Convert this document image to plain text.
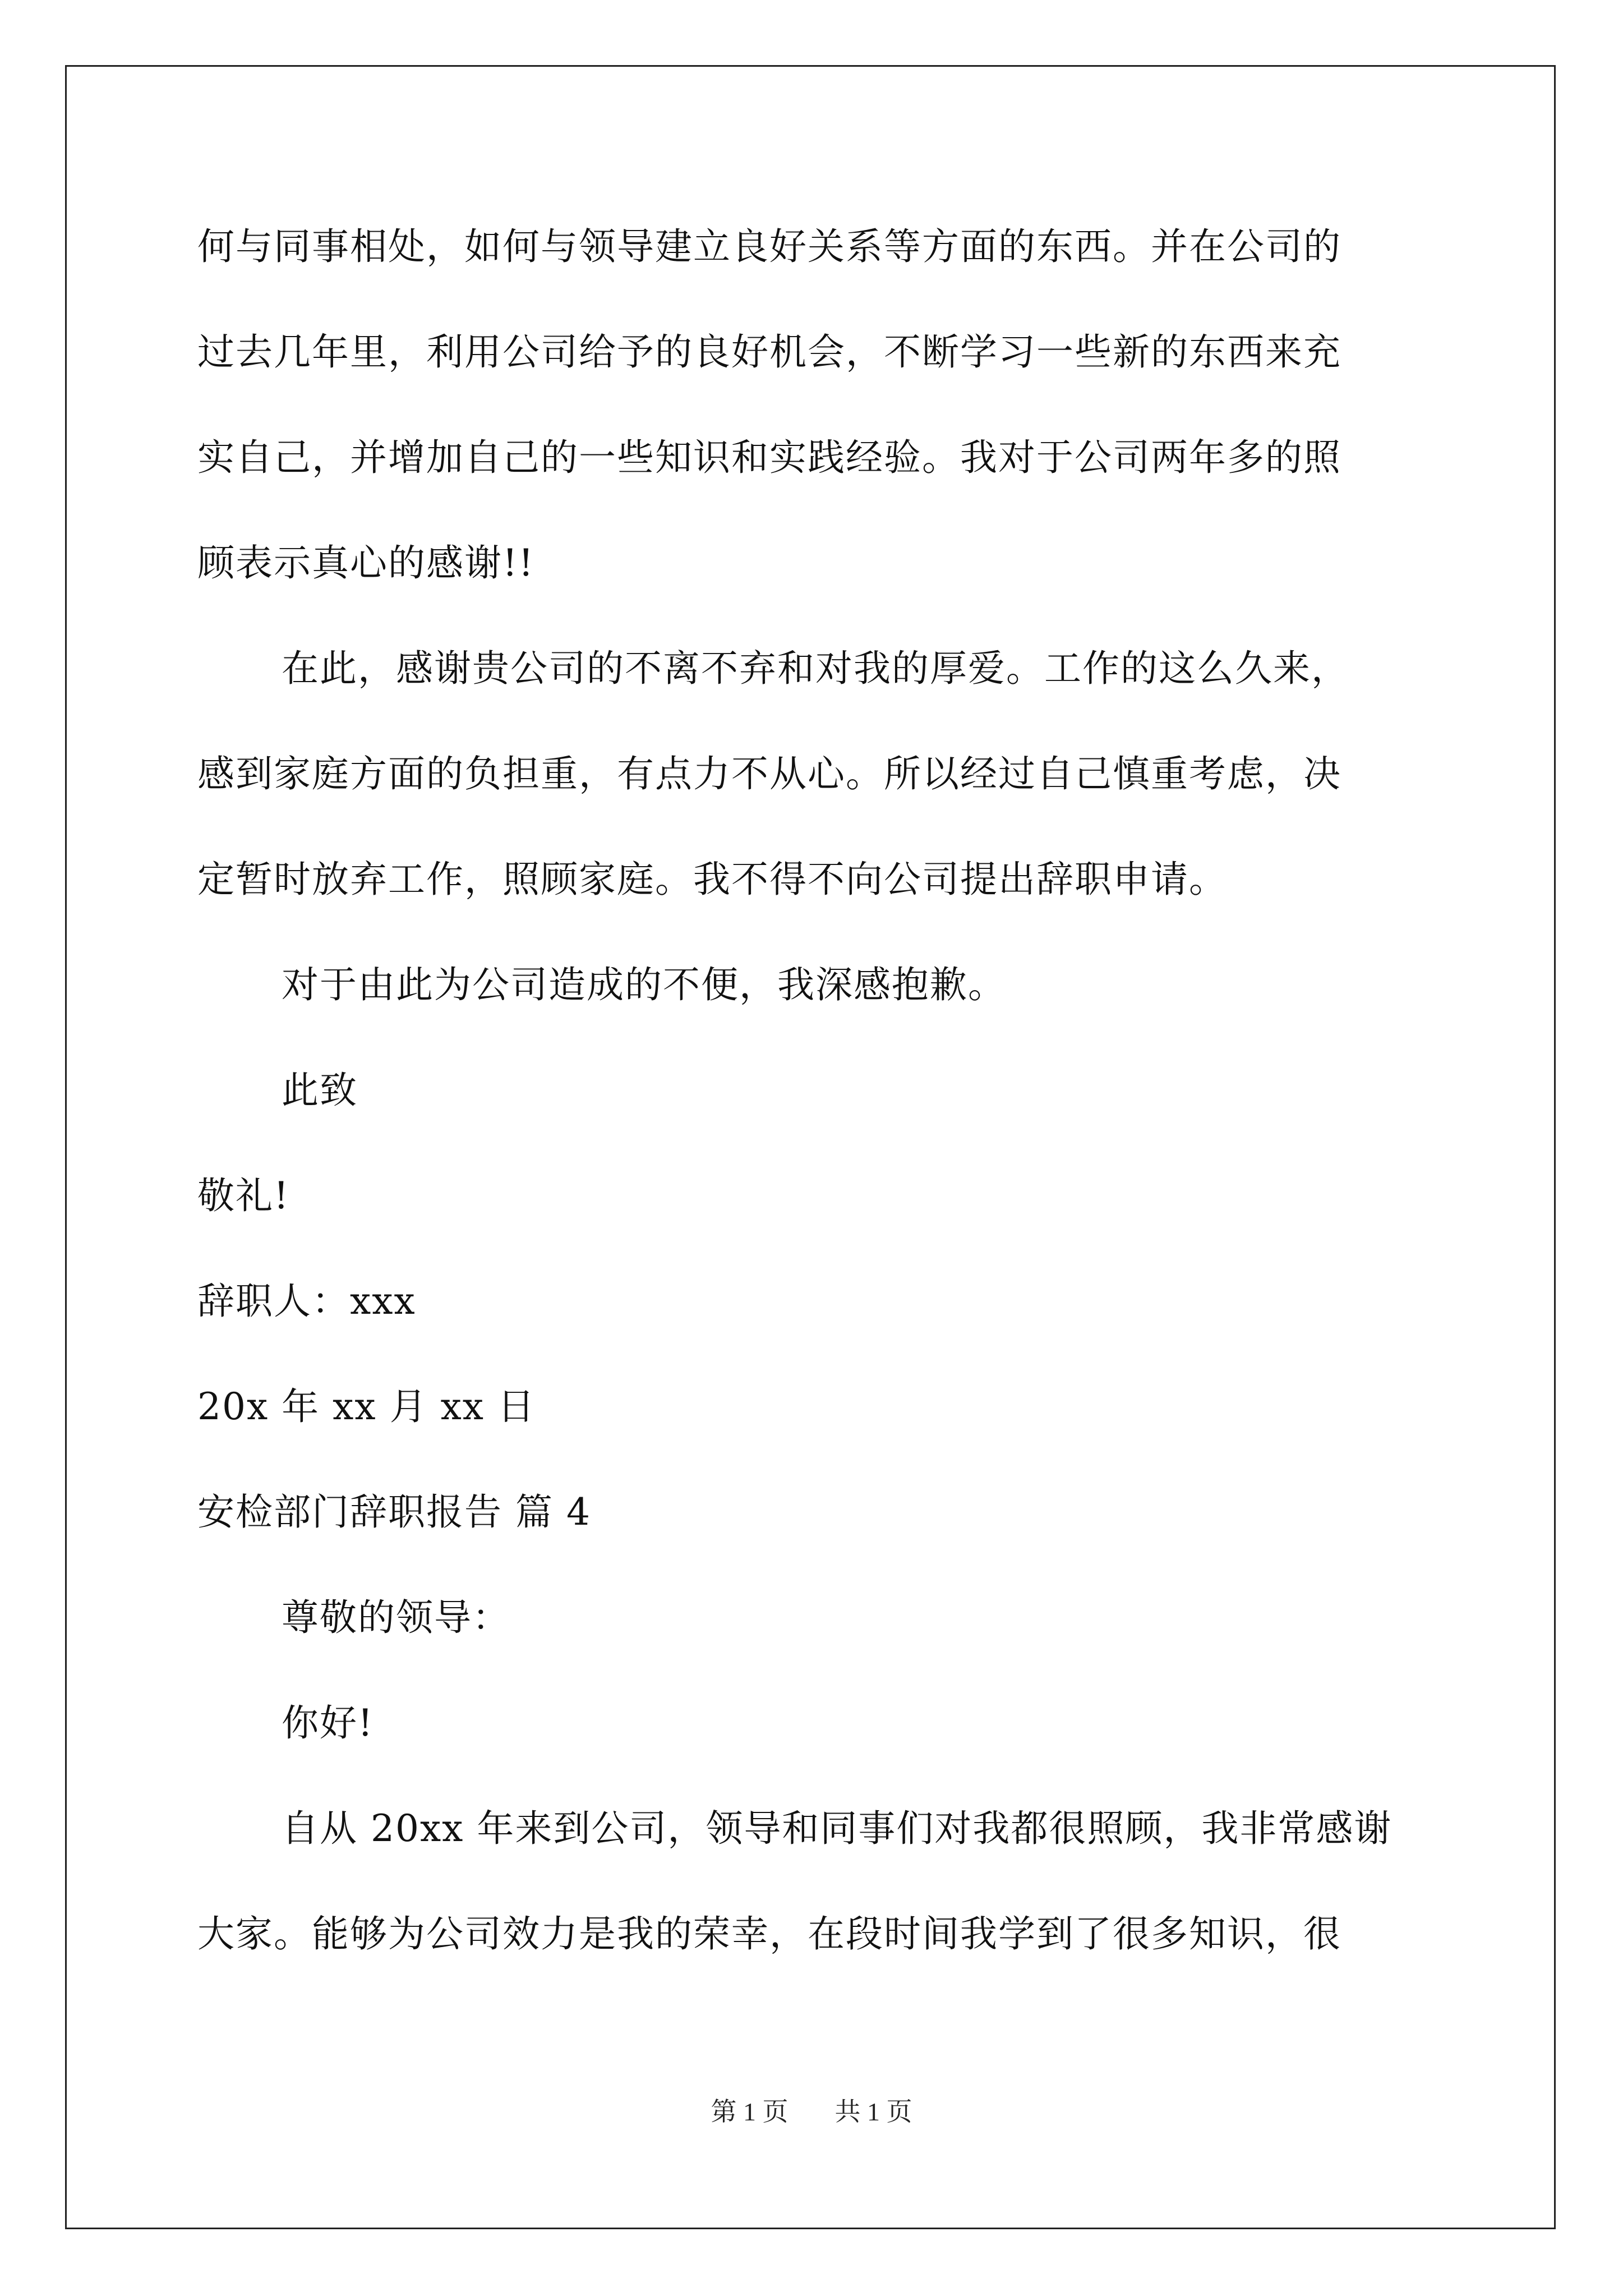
何与同事相处，如何与领导建立良好关系等方面的东西。并在公司的
过去几年里，利用公司给予的良好机会，不断学习一些新的东西来充
实自己，并增加自己的一些知识和实践经验。我对于公司两年多的照
顾表示真心的感谢!!
在此，感谢贵公司的不离不弃和对我的厚爱。工作的这么久来，
感到家庭方面的负担重，有点力不从心。所以经过自己慎重考虑，决
定暂时放弃工作，照顾家庭。我不得不向公司提出辞职申请。
对于由此为公司造成的不便，我深感抱歉。
此致
敬礼!
辞职人：xxx
20x 年 xx 月 xx 日
安检部门辞职报告 篇 4
尊敬的领导：
你好!
自从 20xx 年来到公司，领导和同事们对我都很照顾，我非常感谢
大家。能够为公司效力是我的荣幸，在段时间我学到了很多知识，很
第 1 页 共 1 页
